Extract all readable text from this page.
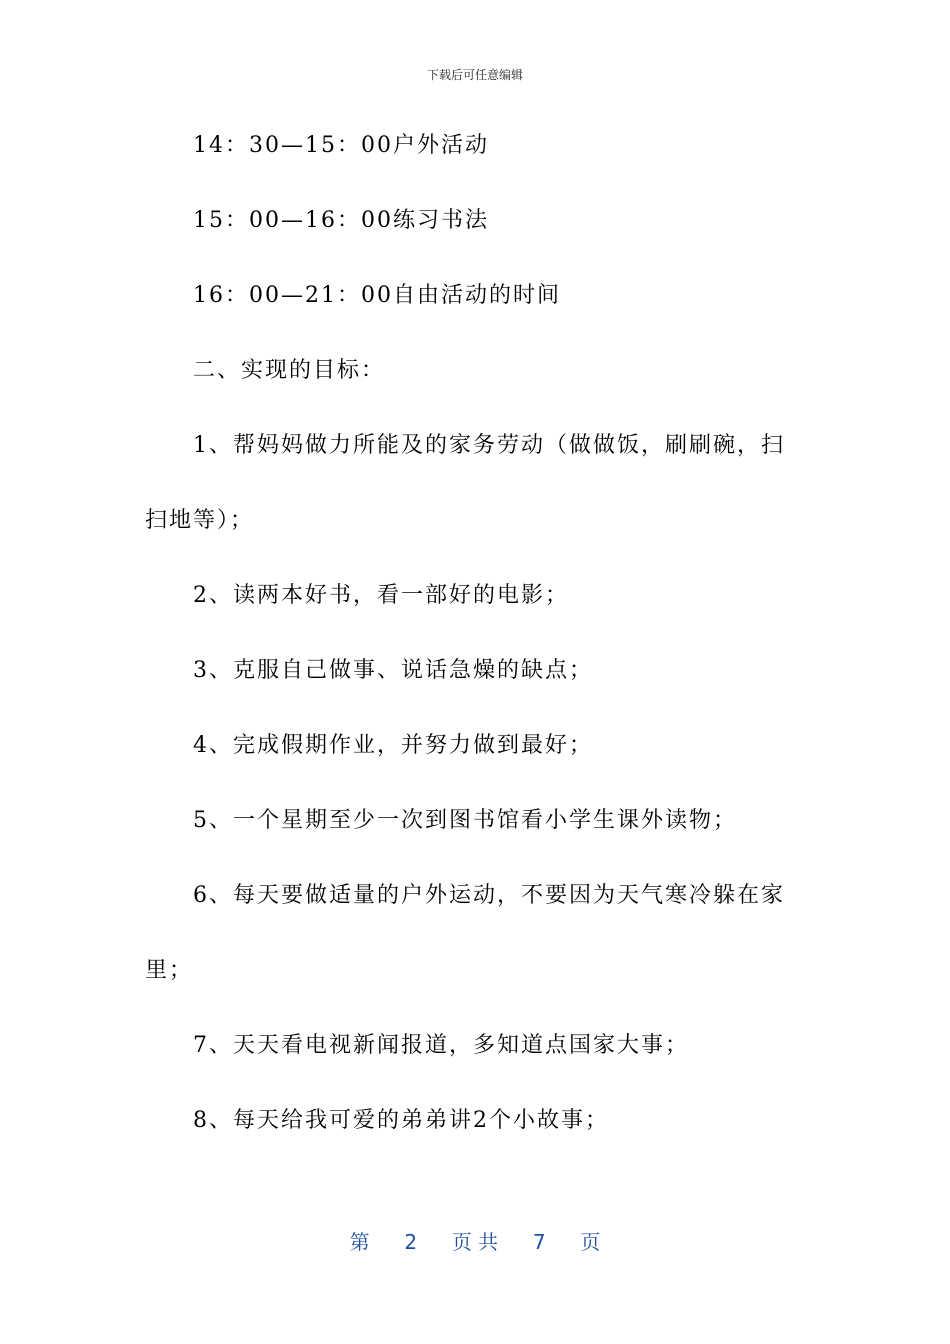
下载后可任意编辑
14：30—15：00户外活动
15：00—16：00练习书法
16：00—21：00自由活动的时间
二、实现的目标：
1、帮妈妈做力所能及的家务劳动（做做饭，刷刷碗，扫
扫地等）；
2、读两本好书，看一部好的电影；
3、克服自己做事、说话急燥的缺点；
4、完成假期作业，并努力做到最好；
5、一个星期至少一次到图书馆看小学生课外读物；
6、每天要做适量的户外运动，不要因为天气寒冷躲在家
里；
7、天天看电视新闻报道，多知道点国家大事；
8、每天给我可爱的弟弟讲2个小故事；
第 2 页 共 7 页
